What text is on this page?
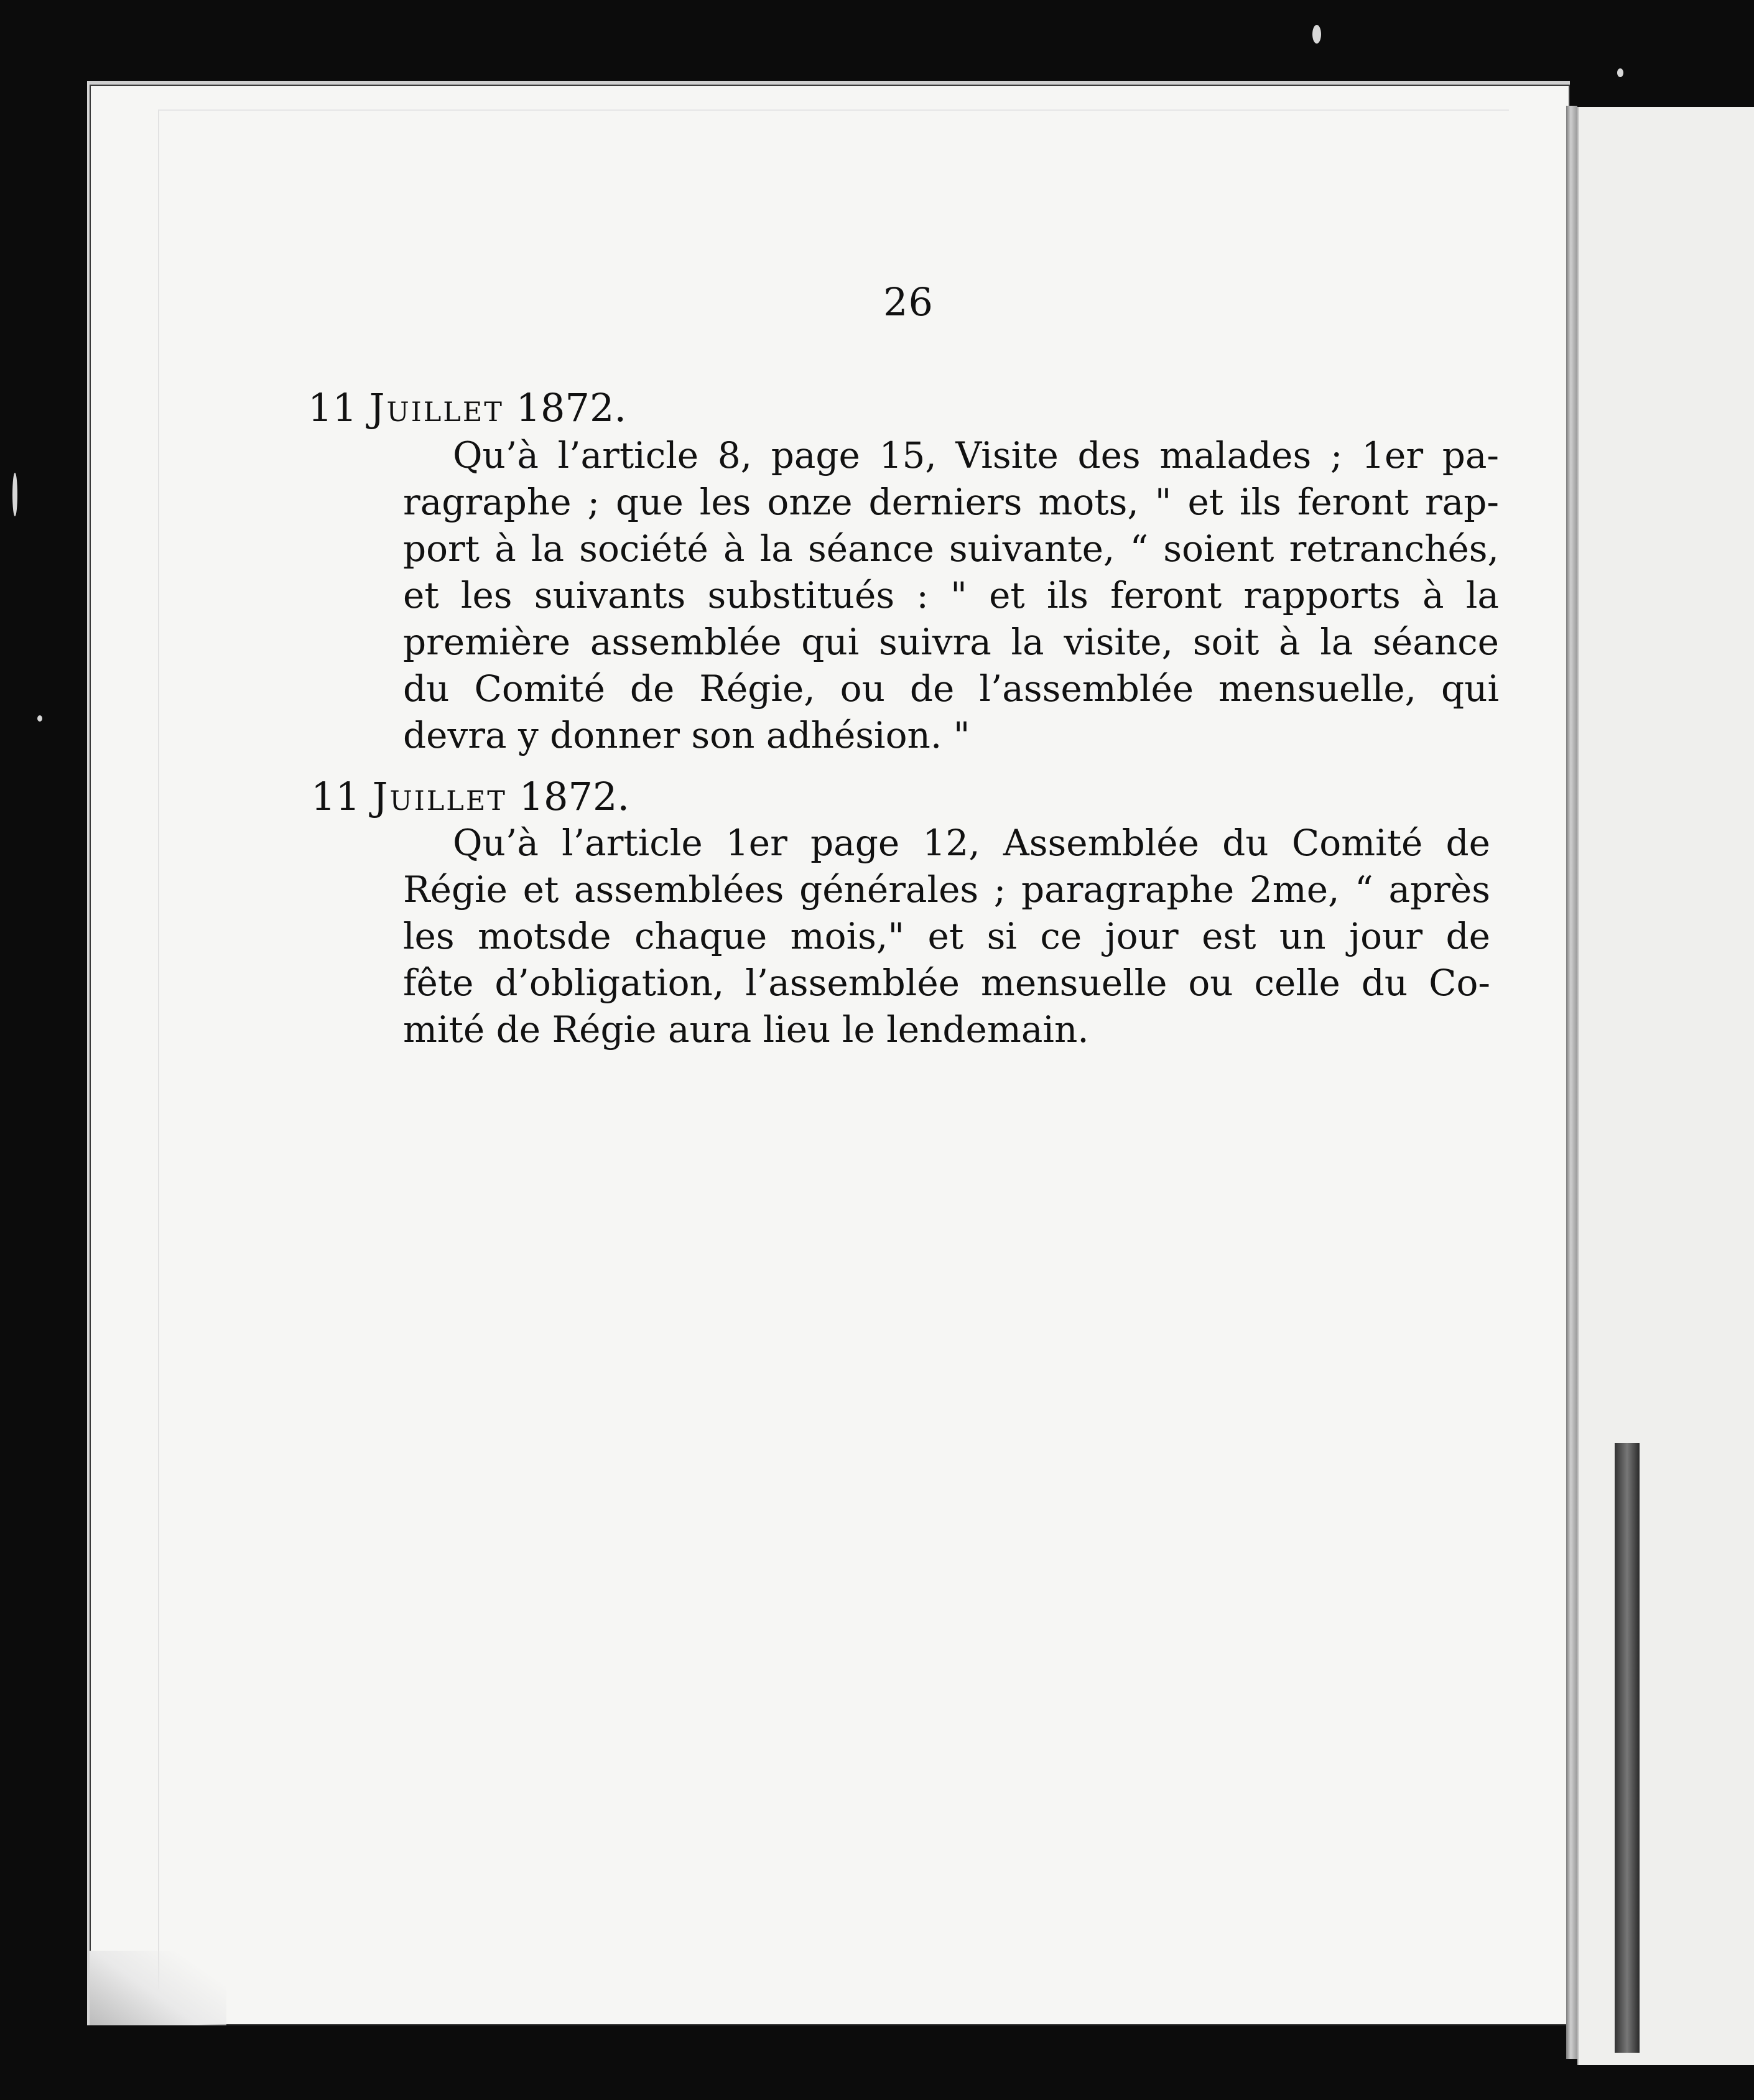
26
11 Juillet 1872.
Qu’à l’article 8, page 15, Visite des malades ; 1er pa-
ragraphe ; que les onze derniers mots, " et ils feront rap-
port à la société à la séance suivante, “ soient retranchés,
et les suivants substitués : " et ils feront rapports à la
première assemblée qui suivra la visite, soit à la séance
du Comité de Régie, ou de l’assemblée mensuelle, qui
devra y donner son adhésion. "
11 Juillet 1872.
Qu’à l’article 1er page 12, Assemblée du Comité de
Régie et assemblées générales ; paragraphe 2me, “ après
les motsde chaque mois," et si ce jour est un jour de
fête d’obligation, l’assemblée mensuelle ou celle du Co-
mité de Régie aura lieu le lendemain.
